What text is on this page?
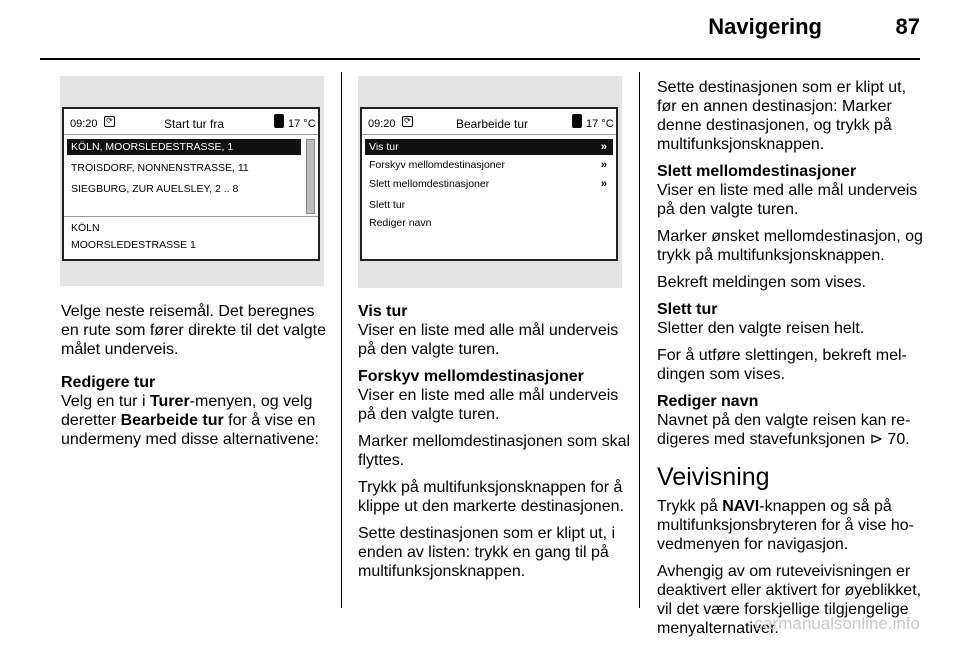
Navigering	87
09:20 ⟳	Start tur fra	17 °C
KÖLN, MOORSLEDESTRASSE, 1
TROISDORF, NONNENSTRASSE, 11
SIEGBURG, ZUR AUELSLEY, 2 .. 8
KÖLN
MOORSLEDESTRASSE 1
09:20 ⟳	Bearbeide tur	17 °C
Vis tur	»
Forskyv mellomdestinasjoner	»
Slett mellomdestinasjoner	»
Slett tur
Rediger navn

Velge neste reisemål. Det beregnes en rute som fører direkte til det valgte målet underveis.

Redigere tur

Velg en tur i Turer-menyen, og velg deretter Bearbeide tur for å vise en undermeny med disse alternativene:

Vis tur

Viser en liste med alle mål underveis på den valgte turen.

Forskyv mellomdestinasjoner

Viser en liste med alle mål underveis på den valgte turen.

Marker mellomdestinasjonen som skal flyttes.

Trykk på multifunksjonsknappen for å klippe ut den markerte destinasjonen.

Sette destinasjonen som er klipt ut, i enden av listen: trykk en gang til på multifunksjonsknappen.

Sette destinasjonen som er klipt ut, før en annen destinasjon: Marker denne destinasjonen, og trykk på multifunksjonsknappen.

Slett mellomdestinasjoner

Viser en liste med alle mål underveis på den valgte turen.

Marker ønsket mellomdestinasjon, og trykk på multifunksjonsknappen.

Bekreft meldingen som vises.

Slett tur

Sletter den valgte reisen helt.

For å utføre slettingen, bekreft meldingen som vises.

Rediger navn

Navnet på den valgte reisen kan redigeres med stavefunksjonen ⊳ 70.

Veivisning

Trykk på NAVI-knappen og så på multifunksjonsbryteren for å vise hovedmenyen for navigasjon.

Avhengig av om ruteveivisningen er deaktivert eller aktivert for øyeblikket, vil det være forskjellige tilgjengelige menyalternativer.

carmanualsonline.info
